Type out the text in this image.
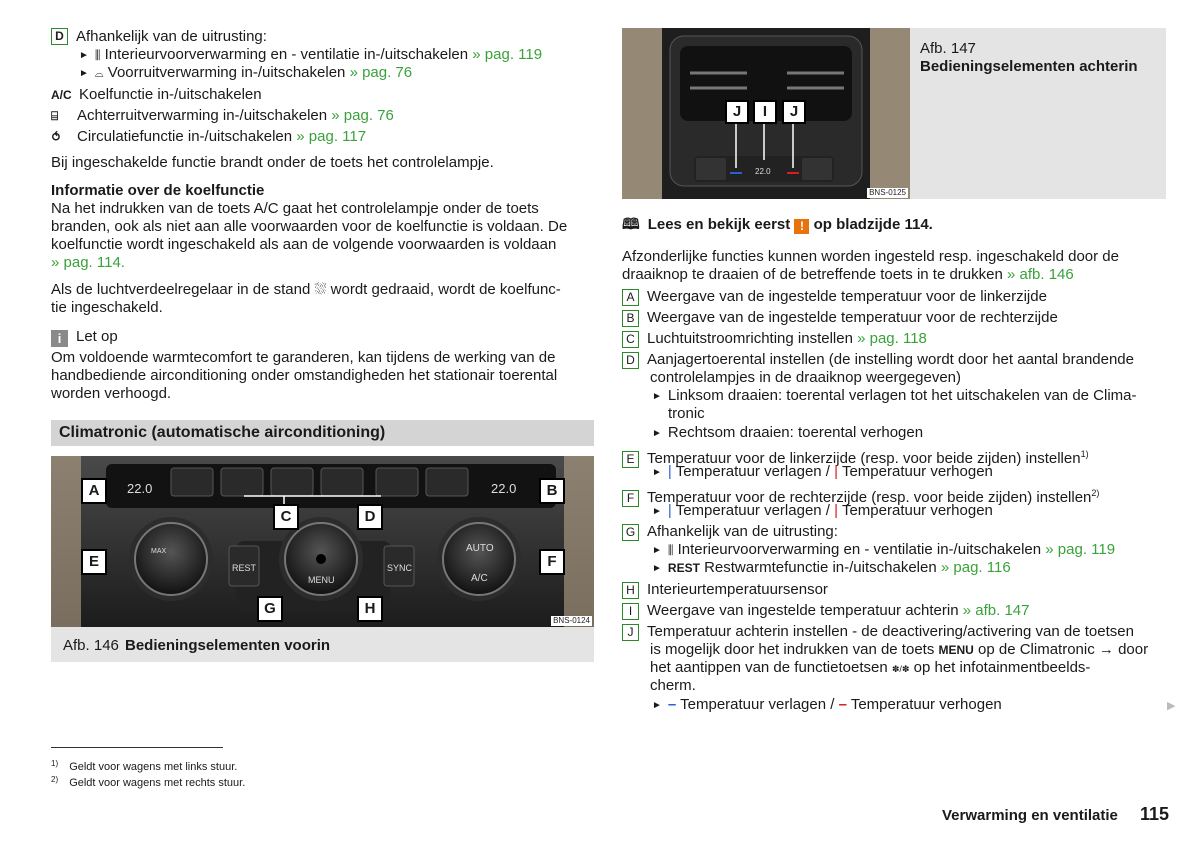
D Afhankelijk van de uitrusting:
► ⫼ Interieurvoorverwarming en - ventilatie in-/uitschakelen » pag. 119
► ⌓ Voorruitverwarming in-/uitschakelen » pag. 76
A/C Koelfunctie in-/uitschakelen
⌸ Achterruitverwarming in-/uitschakelen » pag. 76
⥀ Circulatiefunctie in-/uitschakelen » pag. 117
Bij ingeschakelde functie brandt onder de toets het controlelampje.
Informatie over de koelfunctie
Na het indrukken van de toets A/C gaat het controlelampje onder de toets
branden, ook als niet aan alle voorwaarden voor de koelfunctie is voldaan. De
koelfunctie wordt ingeschakeld als aan de volgende voorwaarden is voldaan
» pag. 114.
Als de luchtverdeelregelaar in de stand ⛆ wordt gedraaid, wordt de koelfunc-
tie ingeschakeld.
i Let op
Om voldoende warmtecomfort te garanderen, kan tijdens de werking van de
handbediende airconditioning onder omstandigheden het stationair toerental
worden verhoogd.
Climatronic (automatische airconditioning)
22.0	22.0
MAX
REST
MENU
SYNC
AUTO
A/C
A	B
C	D
E	F
G	H
BNS-0124
Afb. 146 Bedieningselementen voorin
22.0
J	I	J
BNS-0125
Afb. 147
Bedieningselementen achterin
🕮 Lees en bekijk eerst ! op bladzijde 114.
Afzonderlijke functies kunnen worden ingesteld resp. ingeschakeld door de
draaiknop te draaien of de betreffende toets in te drukken » afb. 146
A Weergave van de ingestelde temperatuur voor de linkerzijde
B Weergave van de ingestelde temperatuur voor de rechterzijde
C Luchtuitstroomrichting instellen » pag. 118
D Aanjagertoerental instellen (de instelling wordt door het aantal brandende
controlelampjes in de draaiknop weergegeven)
► Linksom draaien: toerental verlagen tot het uitschakelen van de Clima-
tronic
► Rechtsom draaien: toerental verhogen
E Temperatuur voor de linkerzijde (resp. voor beide zijden) instellen$^{1)}$
► | Temperatuur verlagen / | Temperatuur verhogen
F Temperatuur voor de rechterzijde (resp. voor beide zijden) instellen$^{2)}$
► | Temperatuur verlagen / | Temperatuur verhogen
G Afhankelijk van de uitrusting:
► ⫼ Interieurvoorverwarming en - ventilatie in-/uitschakelen » pag. 119
► REST Restwarmtefunctie in-/uitschakelen » pag. 116
H Interieurtemperatuursensor
I Weergave van ingestelde temperatuur achterin » afb. 147
J Temperatuur achterin instellen - de deactivering/activering van de toetsen
is mogelijk door het indrukken van de toets MENU op de Climatronic → door
het aantippen van de functietoetsen ✽/✽ op het infotainmentbeelds-
cherm.
► – Temperatuur verlagen / – Temperatuur verhogen	▶
$^{1)}$ Geldt voor wagens met links stuur.
$^{2)}$ Geldt voor wagens met rechts stuur.
Verwarming en ventilatie 115
